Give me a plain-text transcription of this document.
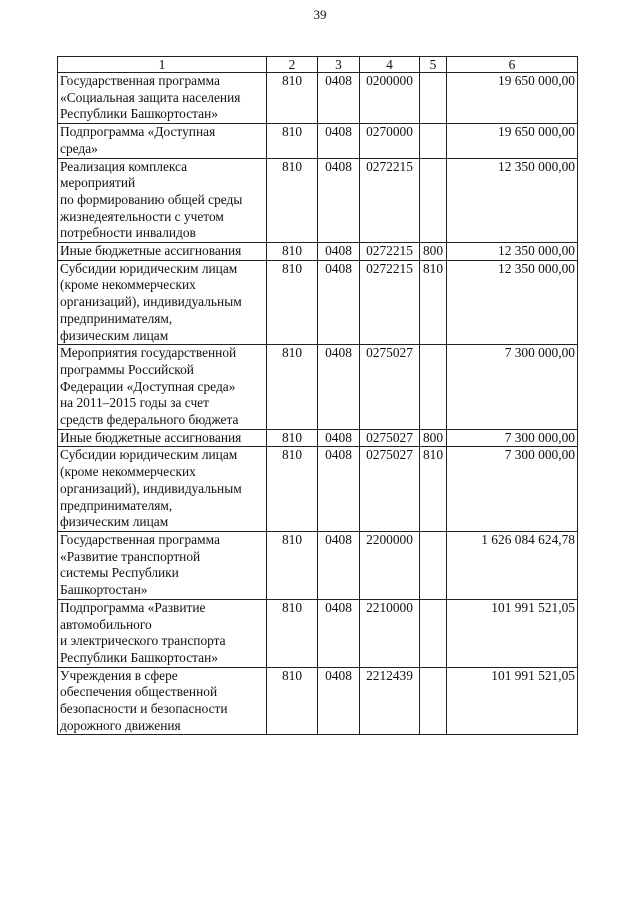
39
1	2	3	4	5	6
Государственная программа
«Социальная защита населения
Республики Башкортостан»	810	0408	0200000		19 650 000,00
Подпрограмма «Доступная
среда»	810	0408	0270000		19 650 000,00
Реализация комплекса
мероприятий
по формированию общей среды
жизнедеятельности с учетом
потребности инвалидов	810	0408	0272215		12 350 000,00
Иные бюджетные ассигнования	810	0408	0272215	800	12 350 000,00
Субсидии юридическим лицам
(кроме некоммерческих
организаций), индивидуальным
предпринимателям,
физическим лицам	810	0408	0272215	810	12 350 000,00
Мероприятия государственной
программы Российской
Федерации «Доступная среда»
на 2011–2015 годы за счет
средств федерального бюджета	810	0408	0275027		7 300 000,00
Иные бюджетные ассигнования	810	0408	0275027	800	7 300 000,00
Субсидии юридическим лицам
(кроме некоммерческих
организаций), индивидуальным
предпринимателям,
физическим лицам	810	0408	0275027	810	7 300 000,00
Государственная программа
«Развитие транспортной
системы Республики
Башкортостан»	810	0408	2200000		1 626 084 624,78
Подпрограмма «Развитие
автомобильного
и электрического транспорта
Республики Башкортостан»	810	0408	2210000		101 991 521,05
Учреждения в сфере
обеспечения общественной
безопасности и безопасности
дорожного движения	810	0408	2212439		101 991 521,05
